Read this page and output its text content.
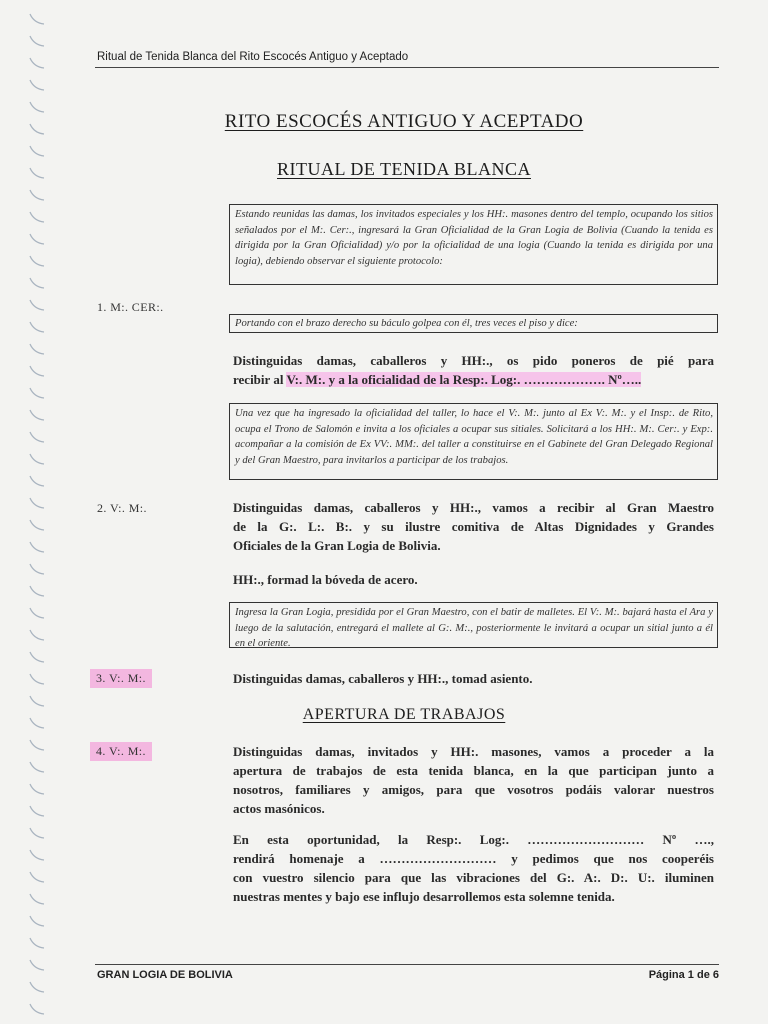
Ritual de Tenida Blanca del Rito Escocés Antiguo y Aceptado
RITO ESCOCÉS ANTIGUO Y ACEPTADO
RITUAL DE TENIDA BLANCA
Estando reunidas las damas, los invitados especiales y los HH:. masones dentro del templo, ocupando los sitios señalados por el M:. Cer:., ingresará la Gran Oficialidad de la Gran Logia de Bolivia (Cuando la tenida es dirigida por la Gran Oficialidad) y/o por la oficialidad de una logia (Cuando la tenida es dirigida por una logia), debiendo observar el siguiente protocolo:
1. M:. CER:.
Portando con el brazo derecho su báculo golpea con él, tres veces el piso y dice:
Distinguidas damas, caballeros y HH:., os pido poneros de pié para
recibir al V:. M:. y a la oficialidad de la Resp:. Log:. ………………. Nº…..
Una vez que ha ingresado la oficialidad del taller, lo hace el V:. M:. junto al Ex V:. M:. y el Insp:. de Rito, ocupa el Trono de Salomón e invita a los oficiales a ocupar sus sitiales. Solicitará a los HH:. M:. Cer:. y Exp:. acompañar a la comisión de Ex VV:. MM:. del taller a constituirse en el Gabinete del Gran Delegado Regional y del Gran Maestro, para invitarlos a participar de los trabajos.
2. V:. M:.	Distinguidas damas, caballeros y HH:., vamos a recibir al Gran Maestro
de la G:. L:. B:. y su ilustre comitiva de Altas Dignidades y Grandes
Oficiales de la Gran Logia de Bolivia.
HH:., formad la bóveda de acero.
Ingresa la Gran Logia, presidida por el Gran Maestro, con el batir de malletes. El V:. M:. bajará hasta el Ara y luego de la salutación, entregará el mallete al G:. M:., posteriormente le invitará a ocupar un sitial junto a él en el oriente.
3. V:. M:.	Distinguidas damas, caballeros y HH:., tomad asiento.
APERTURA DE TRABAJOS
4. V:. M:.	Distinguidas damas, invitados y HH:. masones, vamos a proceder a la
apertura de trabajos de esta tenida blanca, en la que participan junto a
nosotros, familiares y amigos, para que vosotros podáis valorar nuestros
actos masónicos.
En esta oportunidad, la Resp:. Log:. ……………………… Nº ….,
rendirá homenaje a ……………………… y pedimos que nos cooperéis
con vuestro silencio para que las vibraciones del G:. A:. D:. U:. iluminen
nuestras mentes y bajo ese influjo desarrollemos esta solemne tenida.
GRAN LOGIA DE BOLIVIA	Página 1 de 6
